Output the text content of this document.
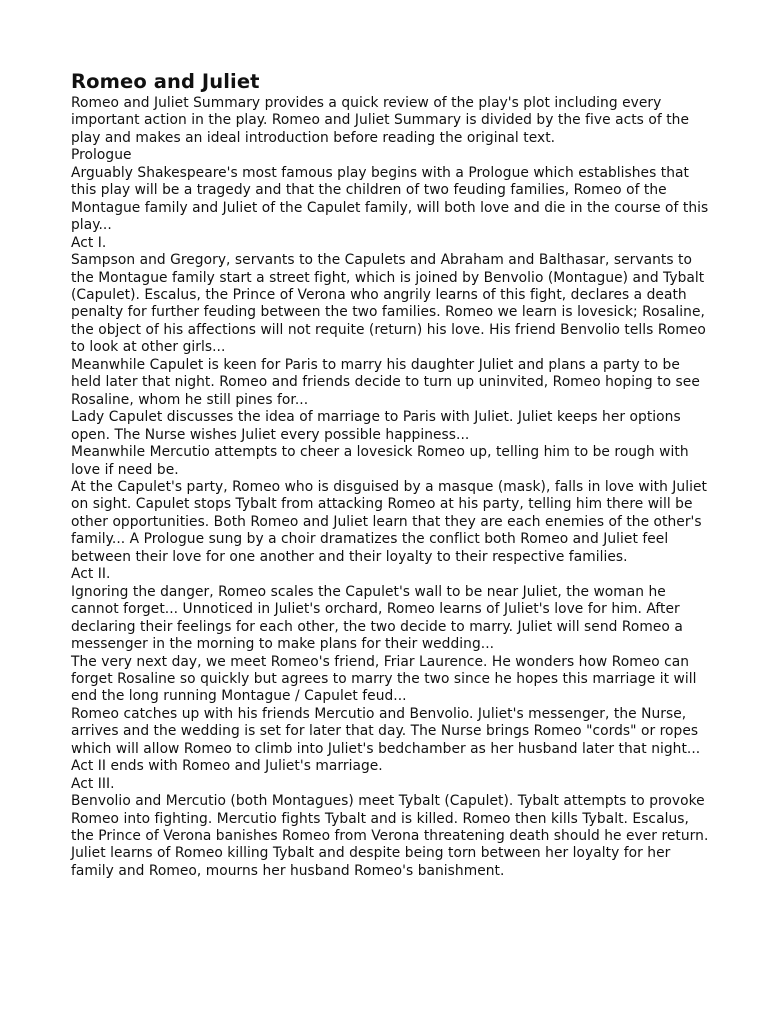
Romeo and Juliet

Romeo and Juliet Summary provides a quick review of the play's plot including every important action in the play. Romeo and Juliet Summary is divided by the five acts of the play and makes an ideal introduction before reading the original text.

Prologue

Arguably Shakespeare's most famous play begins with a Prologue which establishes that this play will be a tragedy and that the children of two feuding families, Romeo of the Montague family and Juliet of the Capulet family, will both love and die in the course of this play...

Act I.

Sampson and Gregory, servants to the Capulets and Abraham and Balthasar, servants to the Montague family start a street fight, which is joined by Benvolio (Montague) and Tybalt (Capulet). Escalus, the Prince of Verona who angrily learns of this fight, declares a death penalty for further feuding between the two families. Romeo we learn is lovesick; Rosaline, the object of his affections will not requite (return) his love. His friend Benvolio tells Romeo to look at other girls...

Meanwhile Capulet is keen for Paris to marry his daughter Juliet and plans a party to be held later that night. Romeo and friends decide to turn up uninvited, Romeo hoping to see Rosaline, whom he still pines for...

Lady Capulet discusses the idea of marriage to Paris with Juliet. Juliet keeps her options open. The Nurse wishes Juliet every possible happiness...

Meanwhile Mercutio attempts to cheer a lovesick Romeo up, telling him to be rough with love if need be.

At the Capulet's party, Romeo who is disguised by a masque (mask), falls in love with Juliet on sight. Capulet stops Tybalt from attacking Romeo at his party, telling him there will be other opportunities. Both Romeo and Juliet learn that they are each enemies of the other's family... A Prologue sung by a choir dramatizes the conflict both Romeo and Juliet feel between their love for one another and their loyalty to their respective families.

Act II.

Ignoring the danger, Romeo scales the Capulet's wall to be near Juliet, the woman he cannot forget... Unnoticed in Juliet's orchard, Romeo learns of Juliet's love for him. After declaring their feelings for each other, the two decide to marry. Juliet will send Romeo a messenger in the morning to make plans for their wedding...

The very next day, we meet Romeo's friend, Friar Laurence. He wonders how Romeo can forget Rosaline so quickly but agrees to marry the two since he hopes this marriage it will end the long running Montague / Capulet feud...

Romeo catches up with his friends Mercutio and Benvolio. Juliet's messenger, the Nurse, arrives and the wedding is set for later that day. The Nurse brings Romeo "cords" or ropes which will allow Romeo to climb into Juliet's bedchamber as her husband later that night... Act II ends with Romeo and Juliet's marriage.

Act III.

Benvolio and Mercutio (both Montagues) meet Tybalt (Capulet). Tybalt attempts to provoke Romeo into fighting. Mercutio fights Tybalt and is killed. Romeo then kills Tybalt. Escalus, the Prince of Verona banishes Romeo from Verona threatening death should he ever return. Juliet learns of Romeo killing Tybalt and despite being torn between her loyalty for her family and Romeo, mourns her husband Romeo's banishment.
